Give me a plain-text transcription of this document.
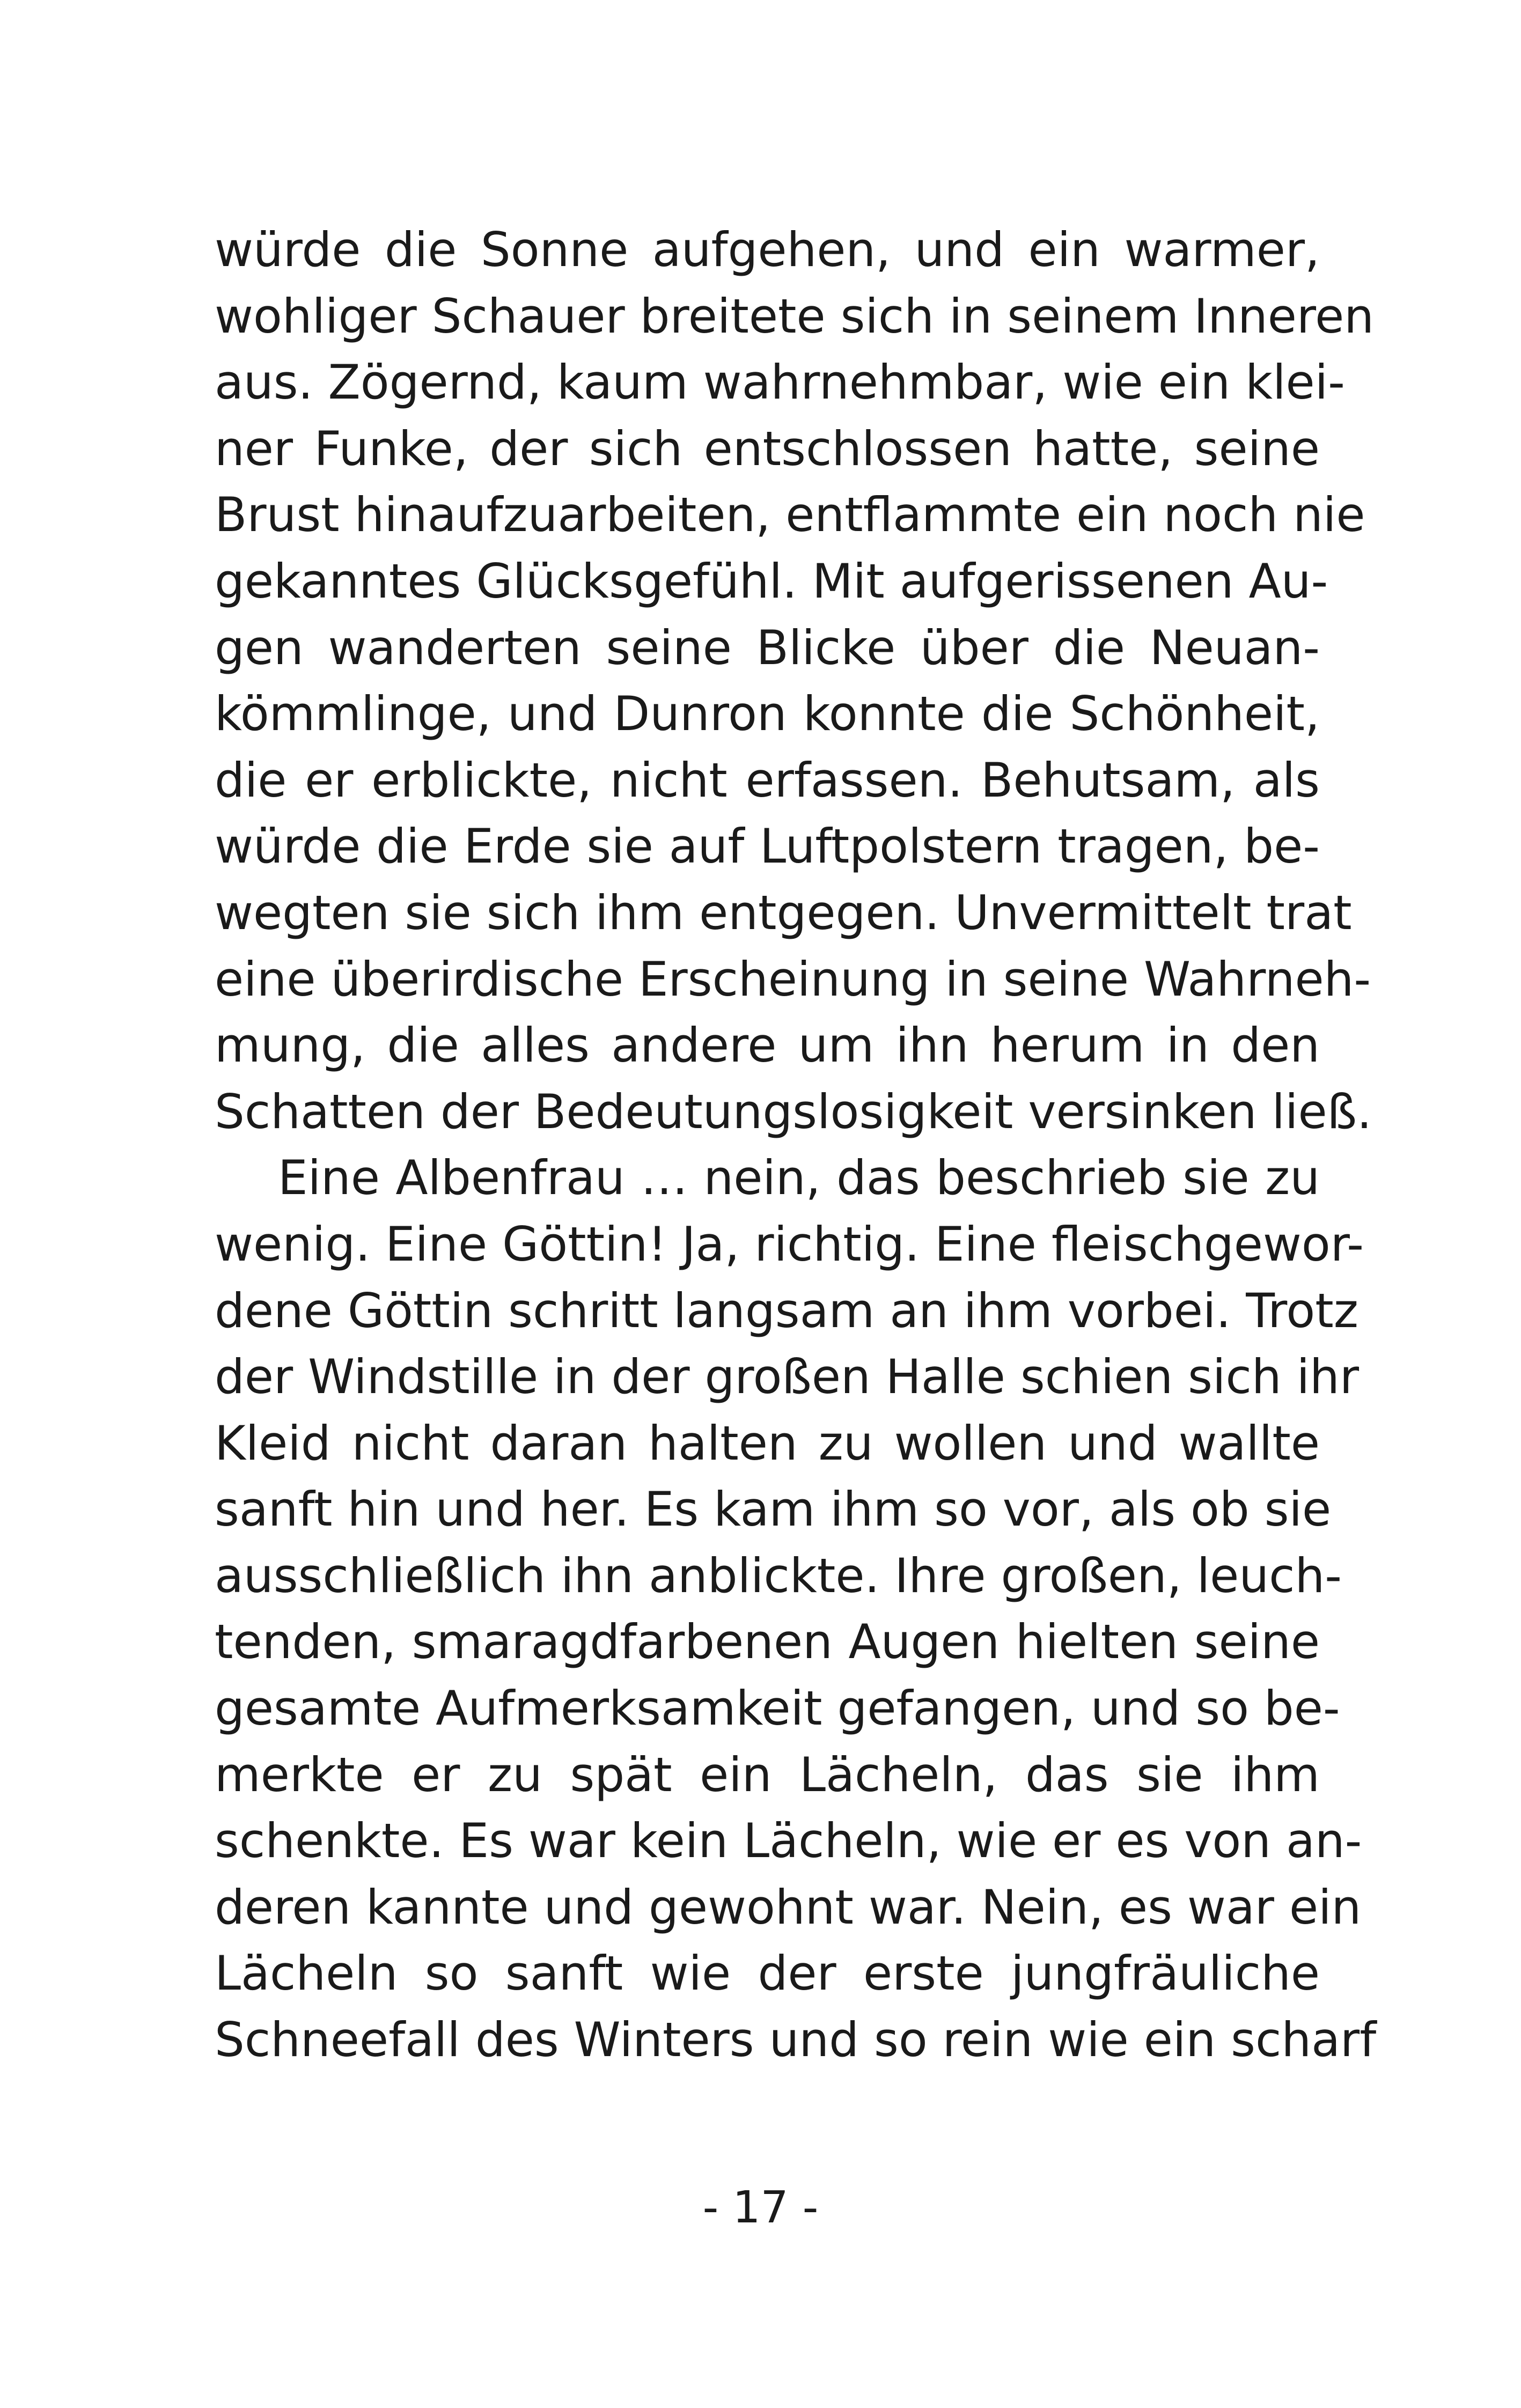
würde die Sonne aufgehen, und ein warmer,
wohliger Schauer breitete sich in seinem Inneren
aus. Zögernd, kaum wahrnehmbar, wie ein klei-
ner Funke, der sich entschlossen hatte, seine
Brust hinaufzuarbeiten, entflammte ein noch nie
gekanntes Glücksgefühl. Mit aufgerissenen Au-
gen wanderten seine Blicke über die Neuan-
kömmlinge, und Dunron konnte die Schönheit,
die er erblickte, nicht erfassen. Behutsam, als
würde die Erde sie auf Luftpolstern tragen, be-
wegten sie sich ihm entgegen. Unvermittelt trat
eine überirdische Erscheinung in seine Wahrneh-
mung, die alles andere um ihn herum in den
Schatten der Bedeutungslosigkeit versinken ließ.
Eine Albenfrau … nein, das beschrieb sie zu
wenig. Eine Göttin! Ja, richtig. Eine fleischgewor-
dene Göttin schritt langsam an ihm vorbei. Trotz
der Windstille in der großen Halle schien sich ihr
Kleid nicht daran halten zu wollen und wallte
sanft hin und her. Es kam ihm so vor, als ob sie
ausschließlich ihn anblickte. Ihre großen, leuch-
tenden, smaragdfarbenen Augen hielten seine
gesamte Aufmerksamkeit gefangen, und so be-
merkte er zu spät ein Lächeln, das sie ihm
schenkte. Es war kein Lächeln, wie er es von an-
deren kannte und gewohnt war. Nein, es war ein
Lächeln so sanft wie der erste jungfräuliche
Schneefall des Winters und so rein wie ein scharf
- 17 -
